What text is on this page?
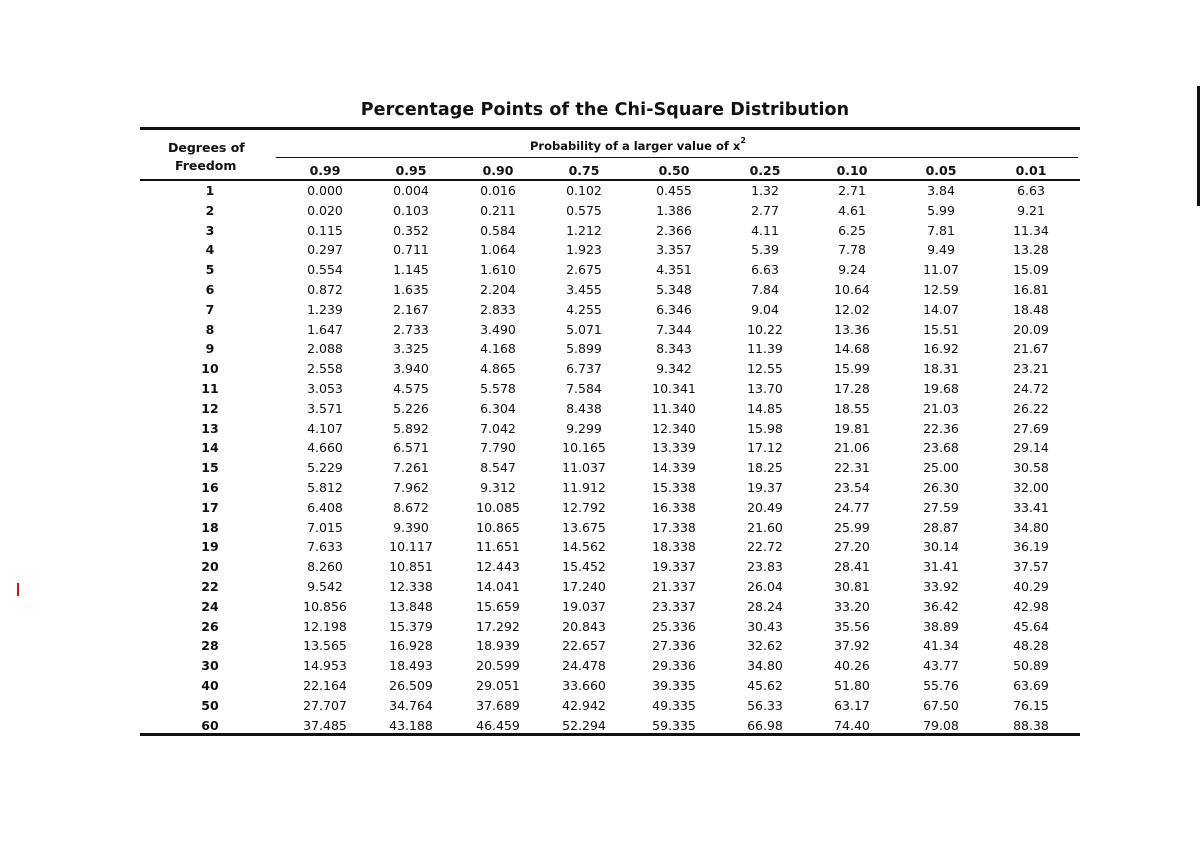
Percentage Points of the Chi-Square Distribution
Degrees of
Freedom
Probability of a larger value of $x^2$
0.99	0.95	0.90	0.75	0.50	0.25	0.10	0.05	0.01
1	0.000	0.004	0.016	0.102	0.455	1.32	2.71	3.84	6.63
2	0.020	0.103	0.211	0.575	1.386	2.77	4.61	5.99	9.21
3	0.115	0.352	0.584	1.212	2.366	4.11	6.25	7.81	11.34
4	0.297	0.711	1.064	1.923	3.357	5.39	7.78	9.49	13.28
5	0.554	1.145	1.610	2.675	4.351	6.63	9.24	11.07	15.09
6	0.872	1.635	2.204	3.455	5.348	7.84	10.64	12.59	16.81
7	1.239	2.167	2.833	4.255	6.346	9.04	12.02	14.07	18.48
8	1.647	2.733	3.490	5.071	7.344	10.22	13.36	15.51	20.09
9	2.088	3.325	4.168	5.899	8.343	11.39	14.68	16.92	21.67
10	2.558	3.940	4.865	6.737	9.342	12.55	15.99	18.31	23.21
11	3.053	4.575	5.578	7.584	10.341	13.70	17.28	19.68	24.72
12	3.571	5.226	6.304	8.438	11.340	14.85	18.55	21.03	26.22
13	4.107	5.892	7.042	9.299	12.340	15.98	19.81	22.36	27.69
14	4.660	6.571	7.790	10.165	13.339	17.12	21.06	23.68	29.14
15	5.229	7.261	8.547	11.037	14.339	18.25	22.31	25.00	30.58
16	5.812	7.962	9.312	11.912	15.338	19.37	23.54	26.30	32.00
17	6.408	8.672	10.085	12.792	16.338	20.49	24.77	27.59	33.41
18	7.015	9.390	10.865	13.675	17.338	21.60	25.99	28.87	34.80
19	7.633	10.117	11.651	14.562	18.338	22.72	27.20	30.14	36.19
20	8.260	10.851	12.443	15.452	19.337	23.83	28.41	31.41	37.57
22	9.542	12.338	14.041	17.240	21.337	26.04	30.81	33.92	40.29
24	10.856	13.848	15.659	19.037	23.337	28.24	33.20	36.42	42.98
26	12.198	15.379	17.292	20.843	25.336	30.43	35.56	38.89	45.64
28	13.565	16.928	18.939	22.657	27.336	32.62	37.92	41.34	48.28
30	14.953	18.493	20.599	24.478	29.336	34.80	40.26	43.77	50.89
40	22.164	26.509	29.051	33.660	39.335	45.62	51.80	55.76	63.69
50	27.707	34.764	37.689	42.942	49.335	56.33	63.17	67.50	76.15
60	37.485	43.188	46.459	52.294	59.335	66.98	74.40	79.08	88.38
